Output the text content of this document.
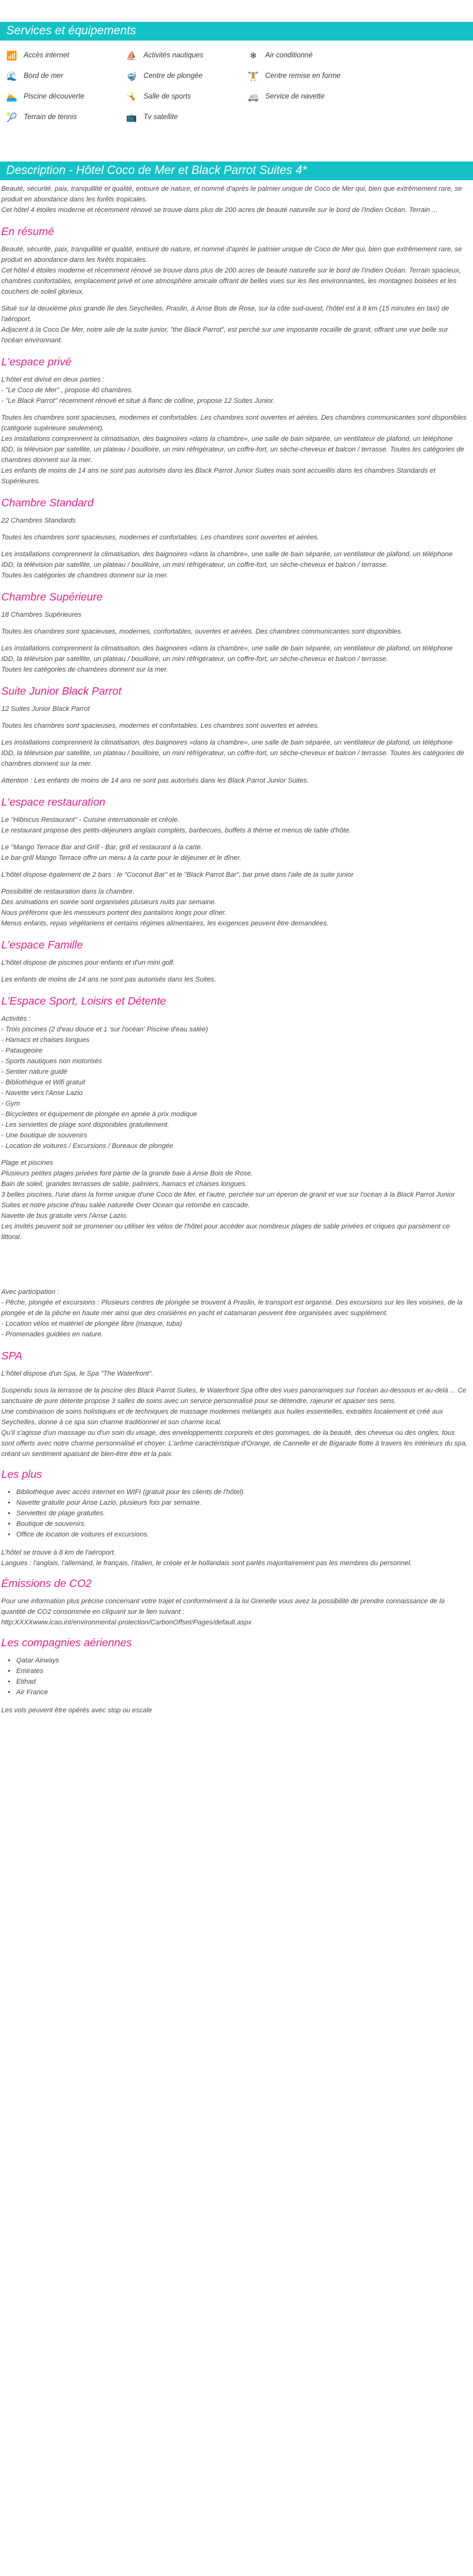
Services et équipements
📶 Accès internet	⛵ Activités nautiques	❄	Air conditionné
🌊 Bord de mer	🤿 Centre de plongée	🏋 Centre remise en forme
🏊 Piscine découverte	🤸 Salle de sports	🚐 Service de navette
🎾 Terrain de tennis	📺 Tv satellite
Description - Hôtel Coco de Mer et Black Parrot Suites 4*

Beauté, sécurité, paix, tranquillité et qualité, entouré de nature, et nommé d'après le palmier unique de Coco de Mer qui, bien que extrêmement rare, se produit en abondance dans les forêts tropicales.
Cet hôtel 4 étoiles moderne et récemment rénové se trouve dans plus de 200 acres de beauté naturelle sur le bord de l'Indien Océan. Terrain ...

En résumé

Beauté, sécurité, paix, tranquillité et qualité, entouré de nature, et nommé d'après le palmier unique de Coco de Mer qui, bien que extrêmement rare, se produit en abondance dans les forêts tropicales.
Cet hôtel 4 étoiles moderne et récemment rénové se trouve dans plus de 200 acres de beauté naturelle sur le bord de l'Indien Océan. Terrain spacieux, chambres confortables, emplacement privé et une atmosphère amicale offrant de belles vues sur les îles environnantes, les montagnes boisées et les couchers de soleil glorieux.

Situé sur la deuxième plus grande île des Seychelles, Praslin, à Anse Bois de Rose, sur la côte sud-ouest, l'hôtel est à 8 km (15 minutes en taxi) de l'aéroport.
Adjacent à la Coco De Mer, notre aile de la suite junior, "the Black Parrot", est perché sur une imposante rocaille de granit, offrant une vue belle sur l'océan environnant.

L'espace privé

L'hôtel est divisé en deux parties :
- "Le Coco de Mer" , propose 40 chambres.
- "Le Black Parrot" récemment rénové et situé à flanc de colline, propose 12 Suites Junior.

Toutes les chambres sont spacieuses, modernes et confortables. Les chambres sont ouvertes et aérées. Des chambres communicantes sont disponibles (catégorie supérieure seulement).
Les installations comprennent la climatisation, des baignoires «dans la chambre», une salle de bain séparée, un ventilateur de plafond, un téléphone IDD, la télévision par satellite, un plateau / bouilloire, un mini réfrigérateur, un coffre-fort, un sèche-cheveux et balcon / terrasse. Toutes les catégories de chambres donnent sur la mer.
Les enfants de moins de 14 ans ne sont pas autorisés dans les Black Parrot Junior Suites mais sont accueillis dans les chambres Standards et Supérieures.

Chambre Standard

22 Chambres Standards

Toutes les chambres sont spacieuses, modernes et confortables. Les chambres sont ouvertes et aérées.

Les installations comprennent la climatisation, des baignoires «dans la chambre», une salle de bain séparée, un ventilateur de plafond, un téléphone IDD, la télévision par satellite, un plateau / bouilloire, un mini réfrigérateur, un coffre-fort, un sèche-cheveux et balcon / terrasse.
Toutes les catégories de chambres donnent sur la mer.

Chambre Supérieure

18 Chambres Supérieures

Toutes les chambres sont spacieuses, modernes, confortables, ouvertes et aérées. Des chambres communicantes sont disponibles.

Les installations comprennent la climatisation, des baignoires «dans la chambre», une salle de bain séparée, un ventilateur de plafond, un téléphone IDD, la télévision par satellite, un plateau / bouilloire, un mini réfrigérateur, un coffre-fort, un sèche-cheveux et balcon / terrasse.
Toutes les catégories de chambres donnent sur la mer.

Suite Junior Black Parrot

12 Suites Junior Black Parrot

Toutes les chambres sont spacieuses, modernes et confortables. Les chambres sont ouvertes et aérées.

Les installations comprennent la climatisation, des baignoires «dans la chambre», une salle de bain séparée, un ventilateur de plafond, un téléphone IDD, la télévision par satellite, un plateau / bouilloire, un mini réfrigérateur, un coffre-fort, un sèche-cheveux et balcon / terrasse. Toutes les catégories de chambres donnent sur la mer.

Attention : Les enfants de moins de 14 ans ne sont pas autorisés dans les Black Parrot Junior Suites.

L'espace restauration

Le "Hibiscus Restaurant" - Cuisine internationale et créole.
Le restaurant propose des petits-déjeuners anglais complets, barbecues, buffets à thème et menus de table d'hôte.

Le "Mango Terrace Bar and Grill - Bar, grill et restaurant à la carte.
Le bar-grill Mango Terrace offre un menu à la carte pour le déjeuner et le dîner.

L'hôtel dispose également de 2 bars : le "Coconut Bar" et le "Black Parrot Bar", bar privé dans l'aile de la suite junior

Possibilité de restauration dans la chambre.
Des animations en soirée sont organisées plusieurs nuits par semaine.
Nous préférons que les messieurs portent des pantalons longs pour dîner.
Menus enfants, repas végétariens et certains régimes alimentaires, les exigences peuvent être demandées.

L'espace Famille

L'hôtel dispose de piscines pour enfants et d'un mini golf.

Les enfants de moins de 14 ans ne sont pas autorisés dans les Suites.

L'Espace Sport, Loisirs et Détente

Activités :
- Trois piscines (2 d'eau douce et 1 'sur l'océan' Piscine d'eau salée)
- Hamacs et chaises longues
- Pataugeoire
- Sports nautiques non motorisés
- Sentier nature guidé
- Bibliothèque et Wifi gratuit
- Navette vers l'Anse Lazio
- Gym
- Bicyclettes et équipement de plongée en apnée à prix modique
- Les serviettes de plage sont disponibles gratuitement.
- Une boutique de souvenirs
- Location de voitures / Excursions / Bureaux de plongée

Plage et piscines
Plusieurs petites plages privées font partie de la grande baie à Anse Bois de Rose.
Bain de soleil, grandes terrasses de sable, palmiers, hamacs et chaises longues.
3 belles piscines, l'une dans la forme unique d'une Coco de Mer, et l'autre, perchée sur un éperon de granit et vue sur l'océan à la Black Parrot Junior Suites et notre piscine d'eau salée naturelle Over Ocean qui retombe en cascade.
Navette de bus gratuite vers l'Anse Lazio.
Les invités peuvent soit se promener ou utiliser les vélos de l'hôtel pour accéder aux nombreux plages de sable privées et criques qui parsèment ce littoral.

Avec participation :
- Pêche, plongée et excursions : Plusieurs centres de plongée se trouvent à Praslin, le transport est organisé. Des excursions sur les îles voisines, de la plongée et de la pêche en haute mer ainsi que des croisières en yacht et catamaran peuvent être organisées avec supplément.
- Location vélos et matériel de plongée libre (masque, tuba)
- Promenades guidées en nature.

SPA

L'hôtel dispose d'un Spa, le Spa "The Waterfront".

Suspendu sous la terrasse de la piscine des Black Parrot Suites, le Waterfront Spa offre des vues panoramiques sur l'océan au-dessous et au-delà ... Ce sanctuaire de pure détente propose 3 salles de soins avec un service personnalisé pour se détendre, rajeunir et apaiser ses sens.
Une combinaison de soins holistiques et de techniques de massage modernes mélangés aux huiles essentielles, extraites localement et créé aux Seychelles, donne à ce spa son charme traditionnel et son charme local.
Qu'il s'agisse d'un massage ou d'un soin du visage, des enveloppements corporels et des gommages, de la beauté, des cheveux ou des ongles, tous sont offerts avec notre charme personnalisé et choyer. L'arôme caractéristique d'Orange, de Cannelle et de Bigarade flotte à travers les intérieurs du spa, créant un sentiment apaisant de bien-être être et la paix.

Les plus
• Bibliothèque avec accès internet en WIFI (gratuit pour les clients de l'hôtel)
• Navette gratuite pour Anse Lazio, plusieurs fois par semaine.
• Serviettes de plage gratuites.
• Boutique de souvenirs.
• Office de location de voitures et excursions.

L'hôtel se trouve à 8 km de l'aéroport.
Langues : l'anglais, l'allemand, le français, l'italien, le créole et le hollandais sont parlés majoritairement pas les membres du personnel.

Émissions de CO2

Pour une information plus précise concernant votre trajet et conformément à la loi Grenelle vous avez la possibilité de prendre connaissance de la quantité de CO2 consommée en cliquant sur le lien suivant :
http:XXXXwww.icao.int/environmental-protection/CarbonOffset/Pages/default.aspx

Les compagnies aériennes
• Qatar Airways
• Emirates
• Etihad
• Air France

Les vols peuvent être opérés avec stop ou escale
